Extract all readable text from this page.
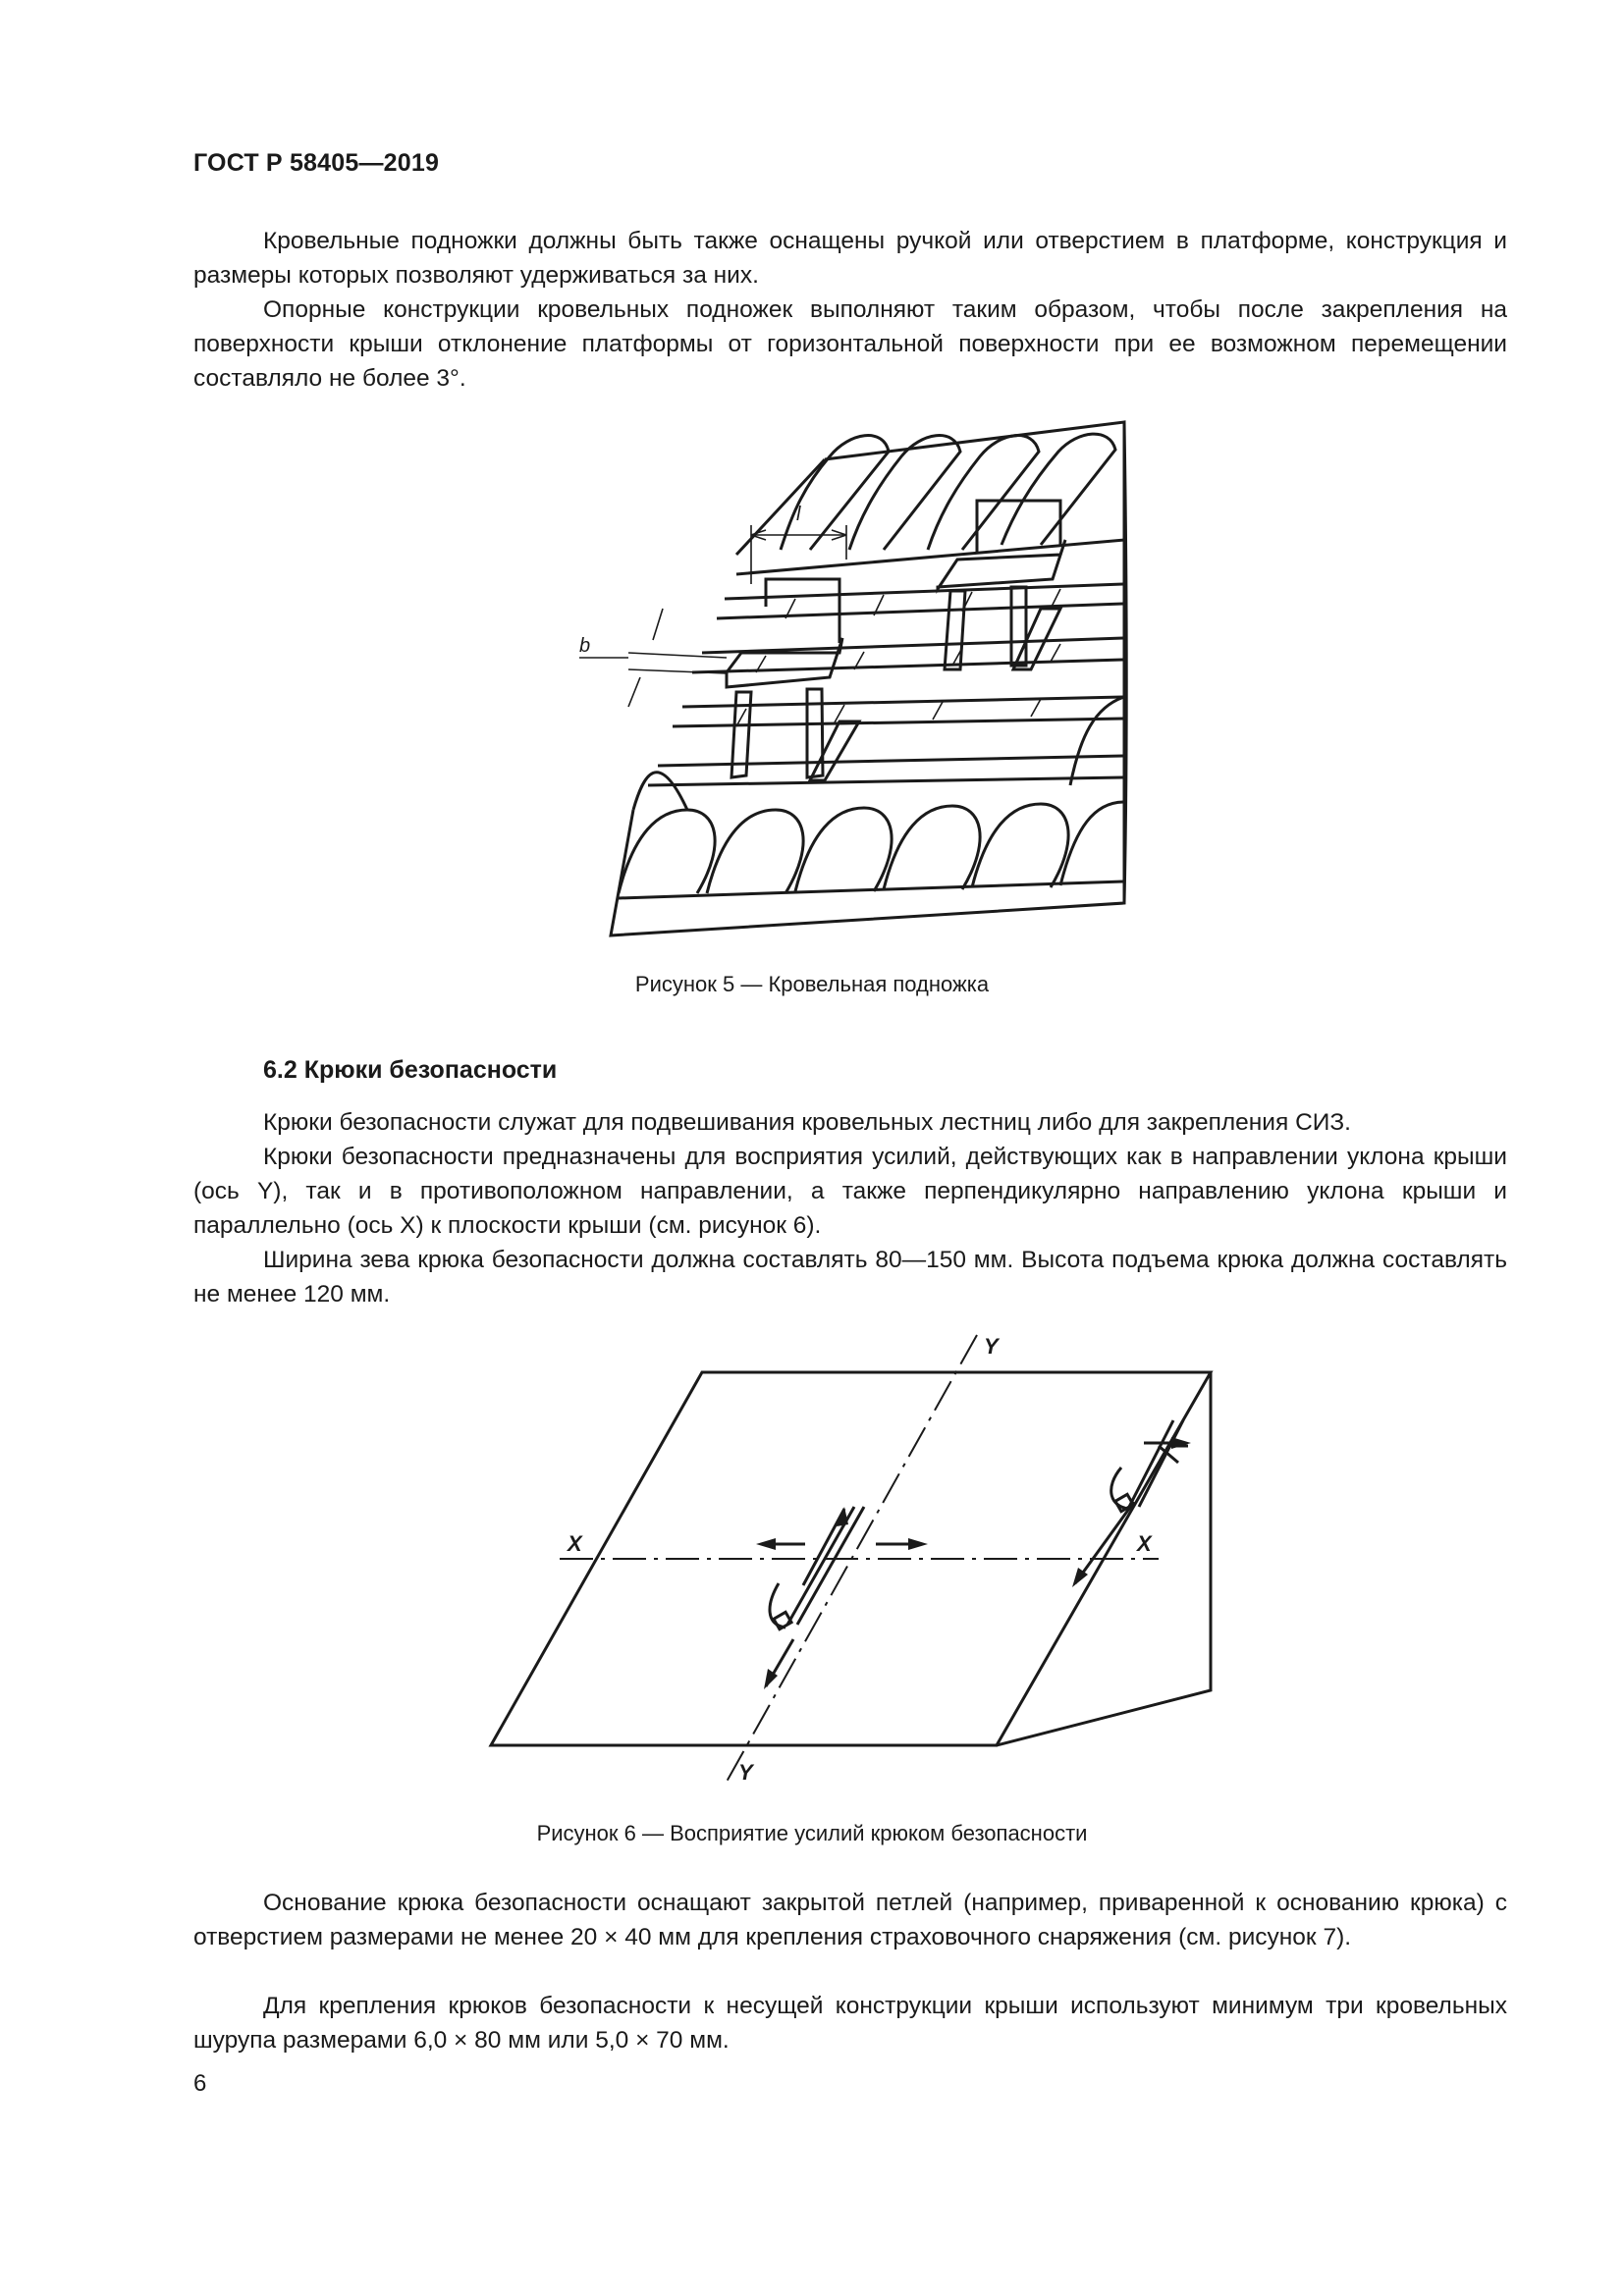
ГОСТ Р 58405—2019

Кровельные подножки должны быть также оснащены ручкой или отверстием в платформе, конструкция и размеры которых позволяют удерживаться за них.

Опорные конструкции кровельных подножек выполняют таким образом, чтобы после закрепления на поверхности крыши отклонение платформы от горизонтальной поверхности при ее возможном перемещении составляло не более 3°.

l
b
Рисунок 5 — Кровельная подножка
6.2 Крюки безопасности

Крюки безопасности служат для подвешивания кровельных лестниц либо для закрепления СИЗ.

Крюки безопасности предназначены для восприятия усилий, действующих как в направлении уклона крыши (ось Y), так и в противоположном направлении, а также перпендикулярно направлению уклона крыши и параллельно (ось X) к плоскости крыши (см. рисунок 6).

Ширина зева крюка безопасности должна составлять 80—150 мм. Высота подъема крюка должна составлять не менее 120 мм.

X	X
Y
Y
Рисунок 6 — Восприятие усилий крюком безопасности

Основание крюка безопасности оснащают закрытой петлей (например, приваренной к основанию крюка) с отверстием размерами не менее 20 × 40 мм для крепления страховочного снаряжения (см. рисунок 7).

Для крепления крюков безопасности к несущей конструкции крыши используют минимум три кровельных шурупа размерами 6,0 × 80 мм или 5,0 × 70 мм.

6
